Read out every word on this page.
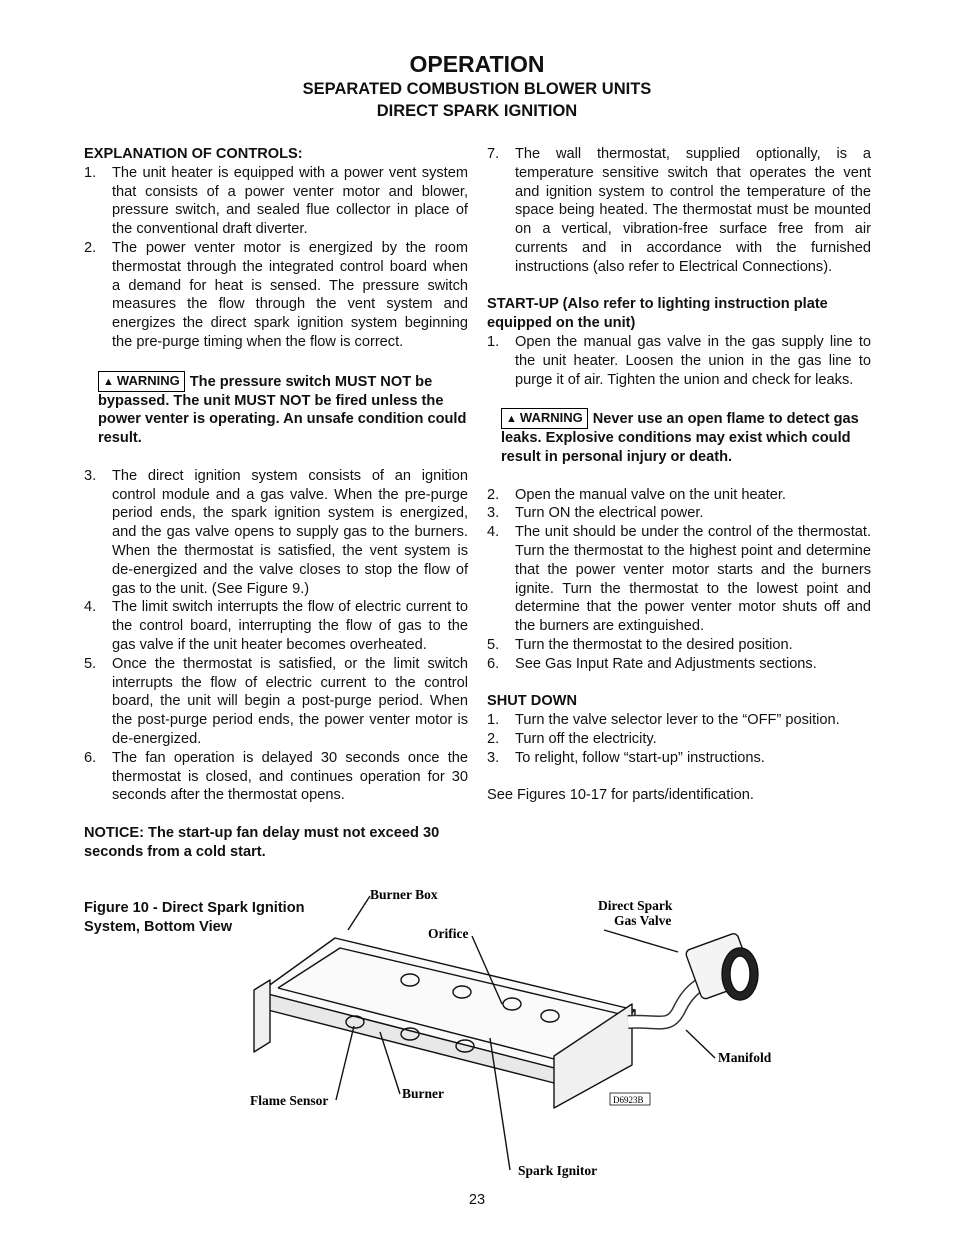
OPERATION
SEPARATED COMBUSTION BLOWER UNITS
DIRECT SPARK IGNITION
EXPLANATION OF CONTROLS:
1. The unit heater is equipped with a power vent system that consists of a power venter motor and blower, pressure switch, and sealed flue collector in place of the conventional draft diverter.
2. The power venter motor is energized by the room thermostat through the integrated control board when a demand for heat is sensed. The pressure switch measures the flow through the vent system and energizes the direct spark ignition system beginning the pre-purge timing when the flow is correct.
▲ WARNING The pressure switch MUST NOT be bypassed. The unit MUST NOT be fired unless the power venter is operating. An unsafe condition could result.
3. The direct ignition system consists of an ignition control module and a gas valve. When the pre-purge period ends, the spark ignition system is energized, and the gas valve opens to supply gas to the burners. When the thermostat is satisfied, the vent system is de-energized and the valve closes to stop the flow of gas to the unit. (See Figure 9.)
4. The limit switch interrupts the flow of electric current to the control board, interrupting the flow of gas to the gas valve if the unit heater becomes overheated.
5. Once the thermostat is satisfied, or the limit switch interrupts the flow of electric current to the control board, the unit will begin a post-purge period. When the post-purge period ends, the power venter motor is de-energized.
6. The fan operation is delayed 30 seconds once the thermostat is closed, and continues operation for 30 seconds after the thermostat opens.
NOTICE: The start-up fan delay must not exceed 30 seconds from a cold start.
7. The wall thermostat, supplied optionally, is a temperature sensitive switch that operates the vent and ignition system to control the temperature of the space being heated. The thermostat must be mounted on a vertical, vibration-free surface free from air currents and in accordance with the furnished instructions (also refer to Electrical Connections).
START-UP (Also refer to lighting instruction plate equipped on the unit)
1. Open the manual gas valve in the gas supply line to the unit heater. Loosen the union in the gas line to purge it of air. Tighten the union and check for leaks.
▲ WARNING Never use an open flame to detect gas leaks. Explosive conditions may exist which could result in personal injury or death.
2. Open the manual valve on the unit heater.
3. Turn ON the electrical power.
4. The unit should be under the control of the thermostat. Turn the thermostat to the highest point and determine that the power venter motor starts and the burners ignite. Turn the thermostat to the lowest point and determine that the power venter motor shuts off and the burners are extinguished.
5. Turn the thermostat to the desired position.
6. See Gas Input Rate and Adjustments sections.
SHUT DOWN
1. Turn the valve selector lever to the “OFF” position.
2. Turn off the electricity.
3. To relight, follow “start-up” instructions.
See Figures 10-17 for parts/identification.
Figure 10 - Direct Spark Ignition System, Bottom View
Burner Box
Orifice
Direct Spark
Gas Valve
Manifold
Flame Sensor	Burner
Spark Ignitor
D6923B
23
